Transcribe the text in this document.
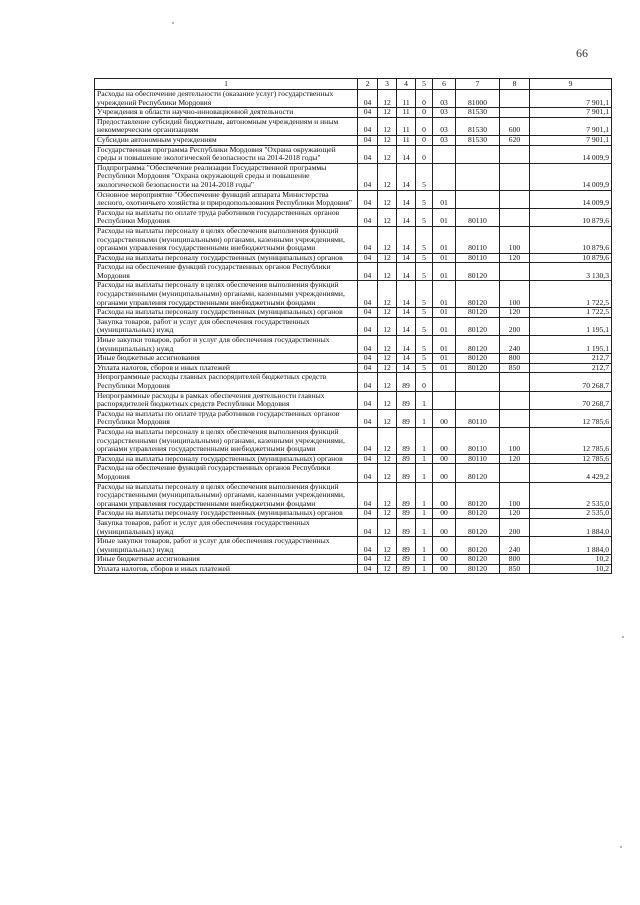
66
1	2	3	4	5	6	7	8	9
Расходы на обеспечение деятельности (оказание услуг) государственных учреждений Республики Мордовия	04	12	11	0	03	81000		7 901,1
Учреждения в области научно-инновационной деятельности	04	12	11	0	03	81530		7 901,1
Предоставление субсидий бюджетным, автономным учреждениям и иным некоммерческим организациям	04	12	11	0	03	81530	600	7 901,1
Субсидии автономным учреждениям	04	12	11	0	03	81530	620	7 901,1
Государственная программа Республики Мордовия "Охрана окружающей среды и повышение экологической безопасности на 2014-2018 годы"	04	12	14	0				14 009,9
Подпрограмма "Обеспечение реализации Государственной программы Республики Мордовия "Охрана окружающей среды и повышение экологической безопасности на 2014-2018 годы"	04	12	14	5				14 009,9
Основное мероприятие "Обеспечение функций аппарата Министерства лесного, охотничьего хозяйства и природопользования Республики Мордовия"	04	12	14	5	01			14 009,9
Расходы на выплаты по оплате труда работников государственных органов Республики Мордовия	04	12	14	5	01	80110		10 879,6
Расходы на выплаты персоналу в целях обеспечения выполнения функций государственными (муниципальными) органами, казенными учреждениями, органами управления государственными внебюджетными фондами	04	12	14	5	01	80110	100	10 879,6
Расходы на выплаты персоналу государственных (муниципальных) органов	04	12	14	5	01	80110	120	10 879,6
Расходы на обеспечение функций государственных органов Республики Мордовия	04	12	14	5	01	80120		3 130,3
Расходы на выплаты персоналу в целях обеспечения выполнения функций государственными (муниципальными) органами, казенными учреждениями, органами управления государственными внебюджетными фондами	04	12	14	5	01	80120	100	1 722,5
Расходы на выплаты персоналу государственных (муниципальных) органов	04	12	14	5	01	80120	120	1 722,5
Закупка товаров, работ и услуг для обеспечения государственных (муниципальных) нужд	04	12	14	5	01	80120	200	1 195,1
Иные закупки товаров, работ и услуг для обеспечения государственных (муниципальных) нужд	04	12	14	5	01	80120	240	1 195,1
Иные бюджетные ассигнования	04	12	14	5	01	80120	800	212,7
Уплата налогов, сборов и иных платежей	04	12	14	5	01	80120	850	212,7
Непрограммные расходы главных распорядителей бюджетных средств Республики Мордовия	04	12	89	0				70 268,7
Непрограммные расходы в рамках обеспечения деятельности главных распорядителей бюджетных средств Республики Мордовия	04	12	89	1				70 268,7
Расходы на выплаты по оплате труда работников государственных органов Республики Мордовия	04	12	89	1	00	80110		12 785,6
Расходы на выплаты персоналу в целях обеспечения выполнения функций государственными (муниципальными) органами, казенными учреждениями, органами управления государственными внебюджетными фондами	04	12	89	1	00	80110	100	12 785,6
Расходы на выплаты персоналу государственных (муниципальных) органов	04	12	89	1	00	80110	120	12 785,6
Расходы на обеспечение функций государственных органов Республики Мордовия	04	12	89	1	00	80120		4 429,2
Расходы на выплаты персоналу в целях обеспечения выполнения функций государственными (муниципальными) органами, казенными учреждениями, органами управления государственными внебюджетными фондами	04	12	89	1	00	80120	100	2 535,0
Расходы на выплаты персоналу государственных (муниципальных) органов	04	12	89	1	00	80120	120	2 535,0
Закупка товаров, работ и услуг для обеспечения государственных (муниципальных) нужд	04	12	89	1	00	80120	200	1 884,0
Иные закупки товаров, работ и услуг для обеспечения государственных (муниципальных) нужд	04	12	89	1	00	80120	240	1 884,0
Иные бюджетные ассигнования	04	12	89	1	00	80120	800	10,2
Уплата налогов, сборов и иных платежей	04	12	89	1	00	80120	850	10,2
